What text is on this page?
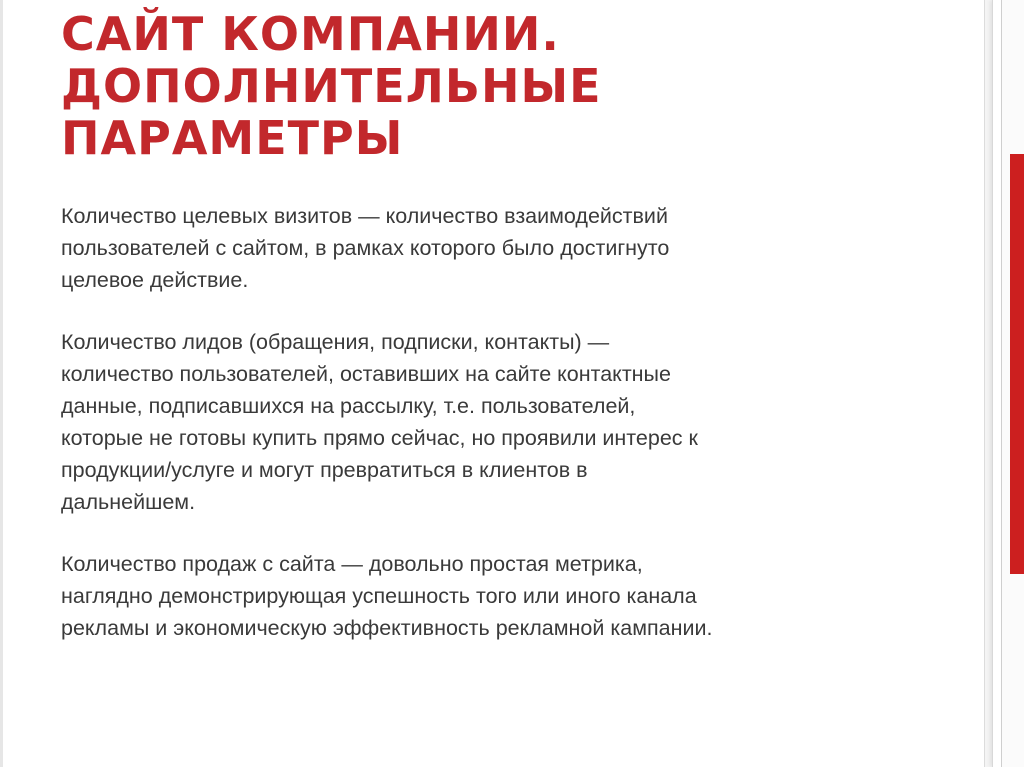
САЙТ КОМПАНИИ.
ДОПОЛНИТЕЛЬНЫЕ
ПАРАМЕТРЫ

Количество целевых визитов — количество взаимодействий
пользователей с сайтом, в рамках которого было достигнуто
целевое действие.

Количество лидов (обращения, подписки, контакты) —
количество пользователей, оставивших на сайте контактные
данные, подписавшихся на рассылку, т.е. пользователей,
которые не готовы купить прямо сейчас, но проявили интерес к
продукции/услуге и могут превратиться в клиентов в
дальнейшем.

Количество продаж с сайта — довольно простая метрика,
наглядно демонстрирующая успешность того или иного канала
рекламы и экономическую эффективность рекламной кампании.
